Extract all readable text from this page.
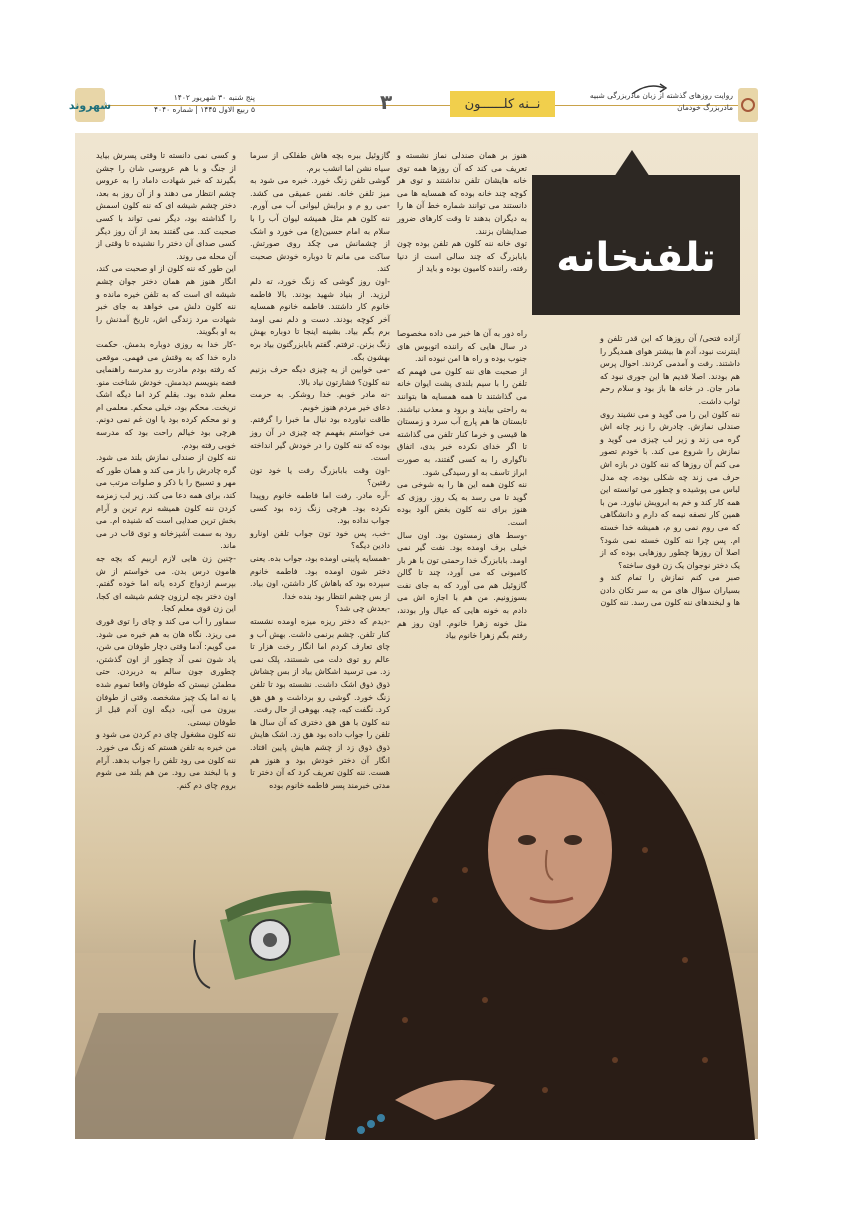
شهروند
پنج شنبه ۳۰ شهریور ۱۴۰۲
۵ ربیع الاول ۱۴۴۵ | شماره ۴۰۴۰	۳	نــنه کلــــــون
روایت روزهای گذشته از زبان مادربزرگی شبیه
مادربزرگ خودمان
تلفنخانه
و کسی نمی دانسته تا وقتی پسرش بیاید از جنگ و با هم عروسی شان را جشن بگیرند که خبر شهادت داماد را به عروس چشم انتظار می دهند و از آن روز به بعد، دختر چشم شیشه ای که ننه کلون اسمش را گذاشته بود، دیگر نمی تواند با کسی صحبت کند. می گفتند بعد از آن روز دیگر کسی صدای آن دختر را نشنیده تا وقتی از آن محله می روند.
این طور که ننه کلون از او صحبت می کند، انگار هنوز هم همان دختر جوان چشم شیشه ای است که به تلفن خیره مانده و ننه کلون دلش می خواهد به جای خبر شهادت مرد زندگی اش، تاریخ آمدنش را به او بگویند.
-کار خدا به روزی دوباره بدمش. حکمت داره خدا که به وقتش می فهمی. موقعی که رفته بودم مادرت رو مدرسه راهنمایی فضه بنویسم دیدمش. خودش شناخت منو. معلم شده بود. بقلم کرد اما دیگه اشک نریخت. محکم بود، خیلی محکم. معلمی ام و نو محکم کرده بود یا اون غم نمی دونم. هرچی بود خیالم راحت بود که مدرسه خوبی رفته بودم.
ننه کلون از صندلی نمازش بلند می شود. گره چادرش را باز می کند و همان طور که مهر و تسبیح را با ذکر و صلوات مرتب می کند، برای همه دعا می کند. زیر لب زمزمه کردن ننه کلون همیشه نرم ترین و آرام بخش ترین صدایی است که شنیده ام. می رود به سمت آشپزخانه و توی قاب در می ماند.
-چنین زن هایی لازم اربیم که بچه جه هامون درس بدن. می خواستم از ش بپرسم ازدواج کرده یانه اما خوده گفتم. اون دختر بچه لرزون چشم شیشه ای کجا، این زن قوی معلم کجا.
سماور را آب می کند و چای را توی قوری می ریزد. نگاه هان به هم خیره می شود. می گویم: آدما وقتی دچار طوفان می شن، یاد شون نمی آد چطور از اون گذشتن، چطوری جون سالم به دربردن. حتی مطمئن نیستن که طوفان واقعا تموم شده یا نه اما یک چیز مشخصه. وقتی از طوفان بیرون می آیی، دیگه اون آدم قبل از طوفان نیستی.
ننه کلون مشغول چای دم کردن می شود و من خیره به تلفن هستم که زنگ می خورد. ننه کلون می رود تلفن را جواب بدهد. آرام و با لبخند می رود. من هم بلند می شوم بروم چای دم کنم.
گازوئیل ببره بچه هاش طفلکی از سرما سیاه نشن اما انشب برم.
گوشی تلفن زنگ خورد. خبره می شود به میز تلفن خانه. نفس عمیقی می کشد. -می رو م و برایش لیوانی آب می آورم. ننه کلون هم مثل همیشه لیوان آب را با سلام به امام حسین(ع) می خورد و اشک از چشمانش می چکد روی صورتش. ساکت می مانم تا دوباره خودش صحبت کند.
-اون روز گوشی که زنگ خورد، ته دلم لرزید. از بنیاد شهید بودند. بالا فاطمه خانوم کار داشتند. فاطمه خانوم همسایه آخر کوچه بودند. دست و دلم نمی اومد برم بگم بیاد. بشینه اینجا تا دوباره بهش زنگ بزنن. ترفتم. گفتم بابابزرگتون بیاد بره بهشون بگه.
-می خوایین از یه چیزی دیگه حرف بزنیم ننه کلون؟ فشارتون نیاد بالا.
-نه مادر خوبم. خدا روشکر. به حرمت دعای خیر مردم هنوز خوبم.
طاقت نیاورده بود نبال ما خبرا را گرفتم. می خواستم بفهمم چه چیزی در آن روز بوده که ننه کلون را در خودش گیر انداخته است.
-اون وقت بابابزرگ رفت یا خود تون رفتین؟
-آره مادر. رفت اما فاطمه خانوم روپیدا نکرده بود. هرچی زنگ زده بود کسی جواب نداده بود.
-خب، پس خود تون جواب تلفن اونارو دادین دیگه؟
-همسایه پایینی اومده بود، جواب بده. یعنی دختر شون اومده بود. فاطمه خانوم سپرده بود که باهاش کار داشتن، اون بیاد. از بس چشم انتظار بود بنده خدا.
-بعدش چی شد؟
-دیدم که دختر ریزه میزه اومده نشسته کنار تلفن. چشم برنمی داشت. بهش آب و چای تعارف کردم اما انگار رخت هزار تا عالم رو توی دلت می شستند، پلک نمی زد. می ترسید اشکاش بیاد از بس چشاش ذوق ذوق اشک داشت. نشسته بود تا تلفن زنگ خورد. گوشی رو برداشت و هق هق کرد. نگفت کیه، چیه. بهوهی از حال رفت.
ننه کلون با هق هق دختری که آن سال ها تلفن را جواب داده بود هق زد. اشک هایش ذوق ذوق زد از چشم هایش پایین افتاد. انگار آن دختر خودش بود و هنوز هم هست. ننه کلون تعریف کرد که آن دختر تا مدتی خبرمند پسر فاطمه خانوم بوده
هنوز بر همان صندلی نماز نشسته و تعریف می کند که آن روزها همه توی خانه هایشان تلفن نداشتند و توی هر کوچه چند خانه بوده که همسایه ها می دانستند می توانند شماره خط آن ها را به دیگران بدهند تا وقت کارهای ضرور صدایشان بزنند.
توی خانه ننه کلون هم تلفن بوده چون بابابزرگ که چند سالی است از دنیا رفته، راننده کامیون بوده و باید از
راه دور به آن ها خبر می داده مخصوصا در سال هایی که راننده اتوبوس های جنوب بوده و راه ها امن نبوده اند.
از صحبت های ننه کلون می فهمم که تلفن را با سیم بلندی پشت ایوان خانه می گذاشتند تا همه همسایه ها بتوانند به راحتی بیایند و برود و معذب نباشند. تابستان ها هم پارچ آب سرد و زمستان ها قیسی و خرما کنار تلفن می گذاشته تا اگر خدای نکرده خبر بدی، اتفاق ناگواری را به کسی گفتند، به صورت ابراز تاسف به او رسیدگی شود.
ننه کلون همه این ها را به شوخی می گوید تا می رسد به یک روز. روزی که هنوز برای ننه کلون بغض آلود بوده است.
-وسط های زمستون بود. اون سال خیلی برف اومده بود. نفت گیر نمی اومد. بابابزرگ خدا رحمتی تون با هر بار کامیونی که می آورد، چند تا گالن گازوئیل هم می آورد که به جای نفت بسوزونیم. من هم با اجازه اش می دادم به خونه هایی که عیال وار بودند، مثل خونه زهرا خانوم. اون روز هم رفتم بگم زهرا خانوم بیاد
آزاده فتحی/ آن روزها که این قدر تلفن و اینترنت نبود، آدم ها بیشتر هوای همدیگر را داشتند. رفت و آمدمی کردند. احوال پرس هم بودند. اصلا قدیم ها این جوری نبود که مادر جان. در خانه ها باز بود و سلام رحم ثواب داشت.
ننه کلون این را می گوید و می نشیند روی صندلی نمازش. چادرش را زیر چانه اش گره می زند و زیر لب چیزی می گوید و نمازش را شروع می کند. با خودم تصور می کنم آن روزها که ننه کلون در بازه اش حرف می زند چه شکلی بوده، چه مدل لباس می پوشیده و چطور می توانسته این همه کار کند و خم به ابرویش نیاورد. من با همین کار نصفه نیمه که دارم و دانشگاهی که می روم نمی رو م، همیشه خدا خسته ام. پس چرا ننه کلون خسته نمی شود؟ اصلا آن روزها چطور روزهایی بوده که از یک دختر نوجوان یک زن قوی ساخته؟
صبر می کنم نمازش را تمام کند و بسیاران سؤال های من به سر تکان دادن ها و لبخندهای ننه کلون می رسد. ننه کلون
